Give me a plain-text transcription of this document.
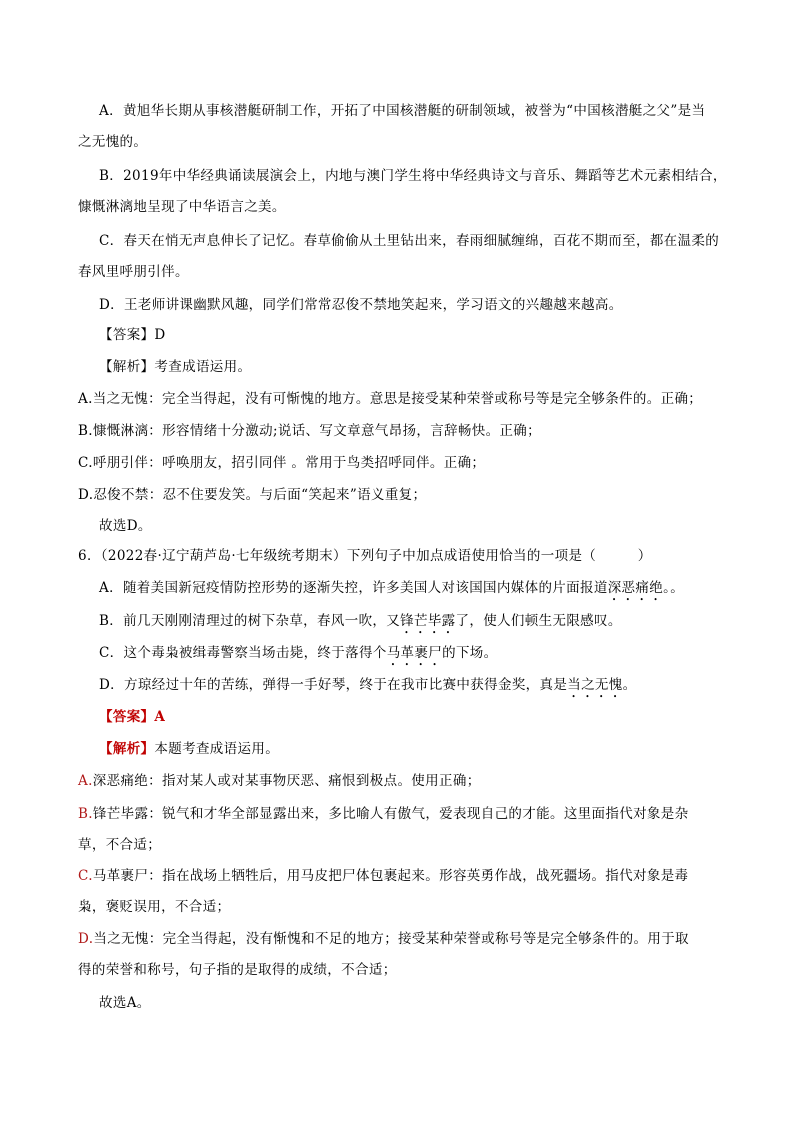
A．黄旭华长期从事核潜艇研制工作，开拓了中国核潜艇的研制领域，被誉为“中国核潜艇之父”是当
之无愧的。
B．2019年中华经典诵读展演会上，内地与澳门学生将中华经典诗文与音乐、舞蹈等艺术元素相结合，
慷慨淋漓地呈现了中华语言之美。
C．春天在悄无声息伸长了记忆。春草偷偷从土里钻出来，春雨细腻缠绵，百花不期而至，都在温柔的
春风里呼朋引伴。
D．王老师讲课幽默风趣，同学们常常忍俊不禁地笑起来，学习语文的兴趣越来越高。
【答案】D
【解析】考查成语运用。
A.当之无愧：完全当得起，没有可惭愧的地方。意思是接受某种荣誉或称号等是完全够条件的。正确；
B.慷慨淋漓：形容情绪十分激动;说话、写文章意气昂扬，言辞畅快。正确；
C.呼朋引伴：呼唤朋友，招引同伴 。常用于鸟类招呼同伴。正确；
D.忍俊不禁：忍不住要发笑。与后面“笑起来”语义重复；
故选D。
6．（2022春·辽宁葫芦岛·七年级统考期末）下列句子中加点成语使用恰当的一项是（　　　）
A．随着美国新冠疫情防控形势的逐渐失控，许多美国人对该国国内媒体的片面报道深恶痛绝。。
B．前几天刚刚清理过的树下杂草，春风一吹，又锋芒毕露了，使人们顿生无限感叹。
C．这个毒枭被缉毒警察当场击毙，终于落得个马革裹尸的下场。
D．方琼经过十年的苦练，弹得一手好琴，终于在我市比赛中获得金奖，真是当之无愧。
【答案】A
【解析】本题考查成语运用。
A.深恶痛绝：指对某人或对某事物厌恶、痛恨到极点。使用正确；
B.锋芒毕露：锐气和才华全部显露出来，多比喻人有傲气，爱表现自己的才能。这里面指代对象是杂
草，不合适；
C.马革裹尸：指在战场上牺牲后，用马皮把尸体包裹起来。形容英勇作战，战死疆场。指代对象是毒
枭，褒贬误用，不合适；
D.当之无愧：完全当得起，没有惭愧和不足的地方；接受某种荣誉或称号等是完全够条件的。用于取
得的荣誉和称号，句子指的是取得的成绩，不合适；
故选A。
